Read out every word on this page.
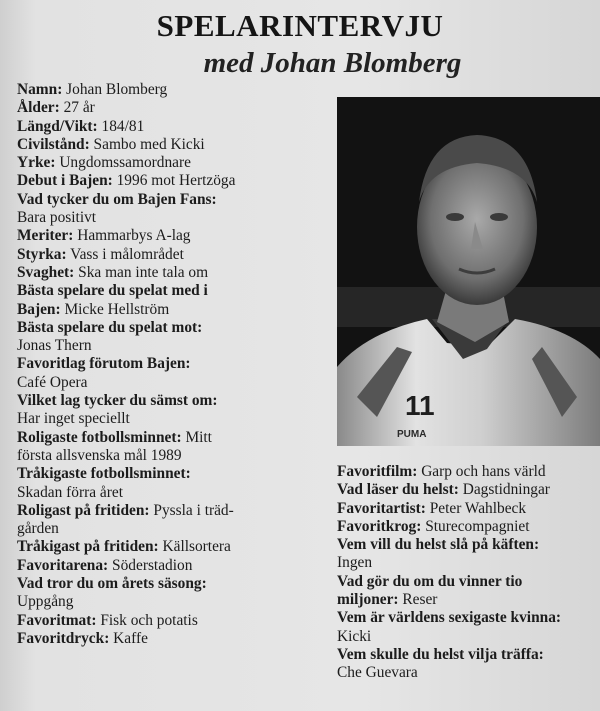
SPELARINTERVJU
med Johan Blomberg
Namn: Johan Blomberg
Ålder: 27 år
Längd/Vikt: 184/81
Civilstånd: Sambo med Kicki
Yrke: Ungdomssamordnare
Debut i Bajen: 1996 mot Hertzöga
Vad tycker du om Bajen Fans:
Bara positivt
Meriter: Hammarbys A-lag
Styrka: Vass i målområdet
Svaghet: Ska man inte tala om
Bästa spelare du spelat med i
Bajen: Micke Hellström
Bästa spelare du spelat mot:
Jonas Thern
Favoritlag förutom Bajen:
Café Opera
Vilket lag tycker du sämst om:
Har inget speciellt
Roligaste fotbollsminnet: Mitt
första allsvenska mål 1989
Tråkigaste fotbollsminnet:
Skadan förra året
Roligast på fritiden: Pyssla i träd-
gården
Tråkigast på fritiden: Källsortera
Favoritarena: Söderstadion
Vad tror du om årets säsong:
Uppgång
Favoritmat: Fisk och potatis
Favoritdryck: Kaffe
11
PUMA
Favoritfilm: Garp och hans värld
Vad läser du helst: Dagstidningar
Favoritartist: Peter Wahlbeck
Favoritkrog: Sturecompagniet
Vem vill du helst slå på käften:
Ingen
Vad gör du om du vinner tio
miljoner: Reser
Vem är världens sexigaste kvinna:
Kicki
Vem skulle du helst vilja träffa:
Che Guevara
